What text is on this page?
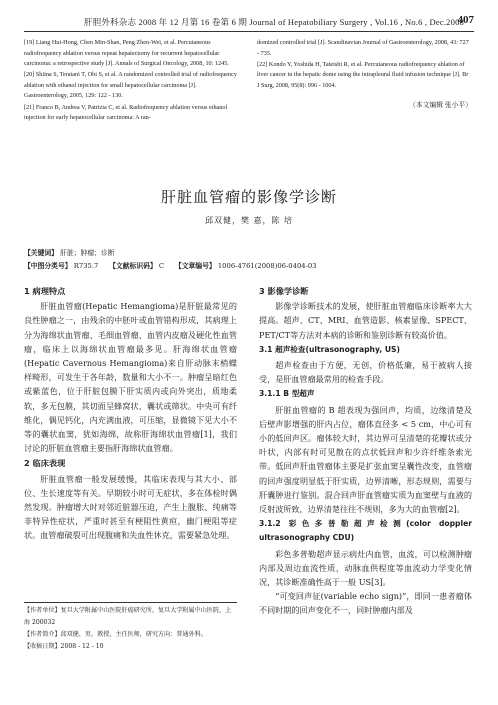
肝胆外科杂志 2008 年 12 月第 16 卷第 6 期 Journal of Hepatobiliary Surgery , Vol.16 , No.6 , Dec.2008
407

[19] Liang Hui-Hong, Chen Min-Shan, Peng Zhen-Wei, et al. Percutaneous radiofrequency ablation versus repeat hepatectomy for recurrent hepatocellular carcinoma: a retrospective study [J]. Annals of Surgical Oncology, 2008, 10: 1245.

[20] Shiina S, Teratani T, Obi S, et al. A randomized controlled trial of radiofrequency ablation with ethanol injection for small hepatocellular carcinoma [J]. Gastroenterology, 2005, 129: 122 - 130.

[21] Franco B, Andrea V, Patrizia C, et al. Radiofrequency ablation versus ethanol injection for early hepatocellular carcinoma: A ran-

domized controlled trial [J]. Scandinavian Journal of Gastroenterology, 2008, 43: 727 - 735.

[22] Kondo Y, Yoshida H, Tateishi R, et al. Percutaneous radiofrequency ablation of liver cancer in the hepatic dome using the intrapleural fluid infusion technique [J]. Br J Surg, 2008, 95(8): 996 - 1004.

（本文编辑 张小平）
肝脏血管瘤的影像学诊断
邱双健，樊 嘉，陈 培
【关键词】 肝脏；肿瘤；诊断
【中图分类号】 R735.7 【文献标识码】 C 【文章编号】 1006-4761(2008)06-0404-03
1 病理特点

肝脏血管瘤(Hepatic Hemangioma)是肝脏最常见的良性肿瘤之一，由残余的中胚叶或血管错构形成，其病理上分为海绵状血管瘤、毛细血管瘤、血管内皮瘤及硬化性血管瘤，临床上以海绵状血管瘤最多见。肝海绵状血管瘤(Hepatic Cavernous Hemangioma)来自肝动脉末梢蝶样畸形，可发生于各年龄，数量和大小不一。肿瘤呈暗红色或紫蓝色，位于肝脏包膜下肝实质内或向外突出，质地柔软，多无包膜，其切面呈蜂窝状、囊状或筛状。中央可有纤维化，偶见钙化，内充满血液，可压缩，显微镜下见大小不等的囊状血窦，犹如海绵，故称肝海绵状血管瘤[1]，我们讨论的肝脏血管瘤主要指肝海绵状血管瘤。

2 临床表现

肝脏血管瘤一般发展缓慢，其临床表现与其大小、部位、生长速度等有关。早期较小时可无症状，多在体检时偶然发现。肿瘤增大时对邻近脏器压迫，产生上腹胀、纯痛等非特异性症状，严重时甚至有梗阻性黄疸，幽门梗阻等症状。血管瘤破裂可出现腹痛和失血性休克，需要紧急处理。

【作者单位】复旦大学附属中山医院肝癌研究所，复旦大学附属中山医院，上海 200032

【作者简介】邱双健，男，教授，主任医师，研究方向：普通外科。

【收稿日期】2008 - 12 - 10

3 影像学诊断

影像学诊断技术的发展，使肝脏血管瘤临床诊断率大大提高。超声、CT、MRI、血管造影、核素显像、SPECT、PET/CT等方法对本病的诊断和鉴别诊断有较高价值。

3.1 超声检查(ultrasonography, US)

超声检查由于方便，无创，价格低廉，易于被病人接受，是肝血管瘤最常用的检查手段。

3.1.1 B 型超声

肝脏血管瘤的 B 超表现为强回声，均质，边缘清楚及后壁声影增强的肝内占位，瘤体直径多 < 5 cm，中心可有小的低回声区。瘤体较大时，其边界可呈清楚的花瓣状或分叶状，内部有时可见散在的点状低回声和少许纤维条索光带。低回声肝血管瘤体主要是扩张血窦呈囊性改变，血管瘤的回声强度明显低于肝实质，边界清晰，形态规则，需要与肝囊肿进行鉴别。混合回声肝血管瘤实质为血窦壁与血液的反射波所致，边界清楚往往不规则，多为大的血管瘤[2]。

3.1.2 彩色多普勒超声检测(color doppler ultrasonography CDU)

彩色多普勒超声显示病灶内血管，血流，可以检测肿瘤内部及周边血流性质，动脉血供程度等血流动力学变化情况，其诊断准确性高于一般 US[3]。

“可变回声征(variable echo sign)”，即同一患者瘤体不同时期的回声变化不一，同时肿瘤内部及
